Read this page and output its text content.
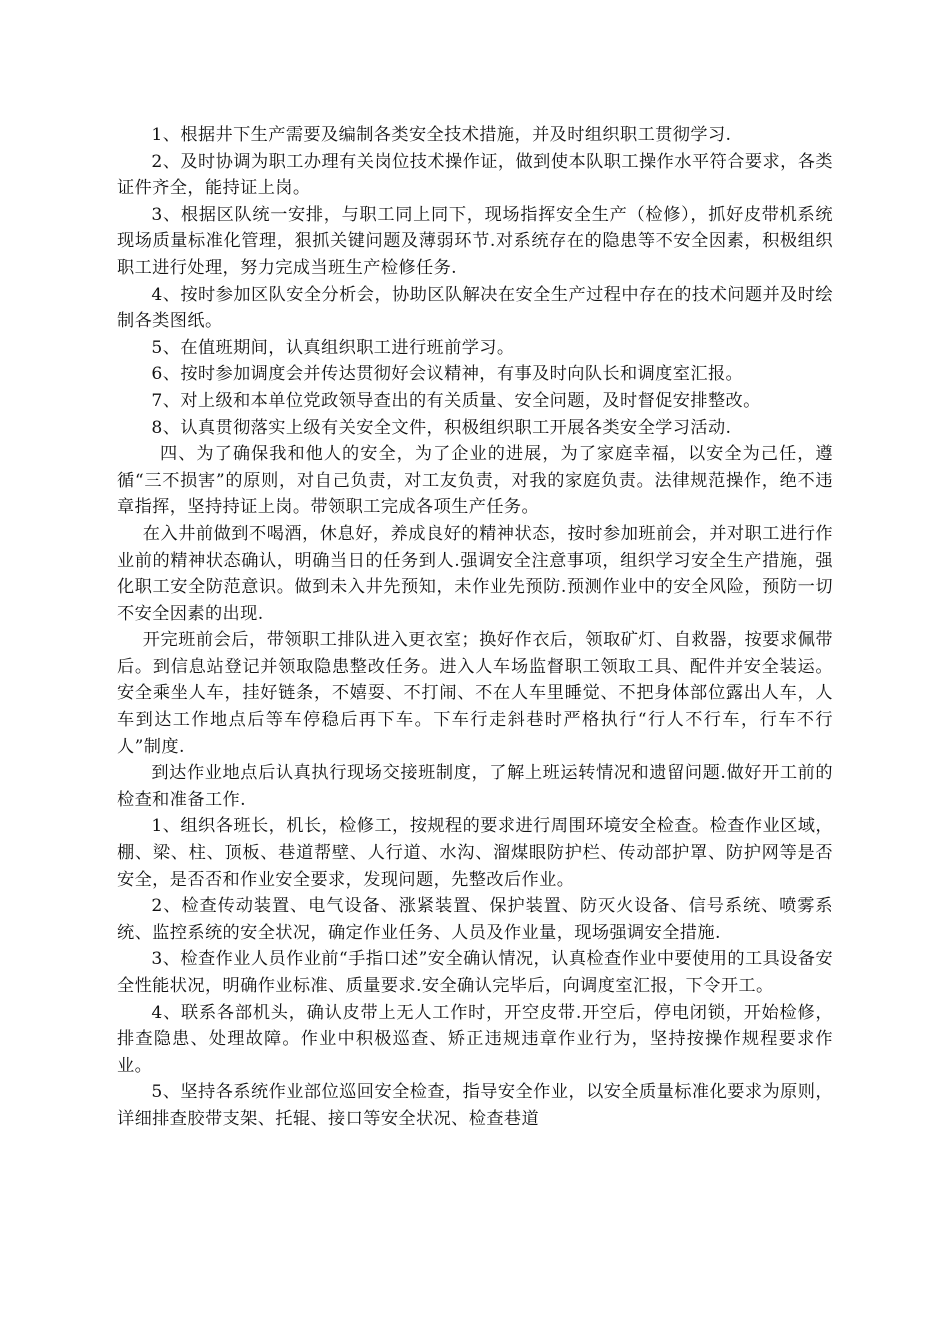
1、根据井下生产需要及编制各类安全技术措施，并及时组织职工贯彻学习.

2、及时协调为职工办理有关岗位技术操作证，做到使本队职工操作水平符合要求，各类证件齐全，能持证上岗。

3、根据区队统一安排，与职工同上同下，现场指挥安全生产（检修），抓好皮带机系统现场质量标准化管理，狠抓关键问题及薄弱环节.对系统存在的隐患等不安全因素，积极组织职工进行处理，努力完成当班生产检修任务.

4、按时参加区队安全分析会，协助区队解决在安全生产过程中存在的技术问题并及时绘制各类图纸。

5、在值班期间，认真组织职工进行班前学习。

6、按时参加调度会并传达贯彻好会议精神，有事及时向队长和调度室汇报。

7、对上级和本单位党政领导查出的有关质量、安全问题，及时督促安排整改。

8、认真贯彻落实上级有关安全文件，积极组织职工开展各类安全学习活动.

四、为了确保我和他人的安全，为了企业的进展，为了家庭幸福，以安全为己任，遵循“三不损害”的原则，对自己负责，对工友负责，对我的家庭负责。法律规范操作，绝不违章指挥，坚持持证上岗。带领职工完成各项生产任务。

在入井前做到不喝酒，休息好，养成良好的精神状态，按时参加班前会，并对职工进行作业前的精神状态确认，明确当日的任务到人.强调安全注意事项，组织学习安全生产措施，强化职工安全防范意识。做到未入井先预知，未作业先预防.预测作业中的安全风险，预防一切不安全因素的出现.

开完班前会后，带领职工排队进入更衣室；换好作衣后，领取矿灯、自救器，按要求佩带后。到信息站登记并领取隐患整改任务。进入人车场监督职工领取工具、配件并安全装运。安全乘坐人车，挂好链条，不嬉耍、不打闹、不在人车里睡觉、不把身体部位露出人车，人车到达工作地点后等车停稳后再下车。下车行走斜巷时严格执行“行人不行车，行车不行人”制度.

到达作业地点后认真执行现场交接班制度，了解上班运转情况和遗留问题.做好开工前的检查和准备工作.

1、组织各班长，机长，检修工，按规程的要求进行周围环境安全检查。检查作业区域，棚、梁、柱、顶板、巷道帮壁、人行道、水沟、溜煤眼防护栏、传动部护罩、防护网等是否安全，是否否和作业安全要求，发现问题，先整改后作业。

2、检查传动装置、电气设备、涨紧装置、保护装置、防灭火设备、信号系统、喷雾系统、监控系统的安全状况，确定作业任务、人员及作业量，现场强调安全措施.

3、检查作业人员作业前“手指口述”安全确认情况，认真检查作业中要使用的工具设备安全性能状况，明确作业标准、质量要求.安全确认完毕后，向调度室汇报，下令开工。

4、联系各部机头，确认皮带上无人工作时，开空皮带.开空后，停电闭锁，开始检修，排查隐患、处理故障。作业中积极巡查、矫正违规违章作业行为，坚持按操作规程要求作业。

5、坚持各系统作业部位巡回安全检查，指导安全作业，以安全质量标准化要求为原则，详细排查胶带支架、托辊、接口等安全状况、检查巷道
